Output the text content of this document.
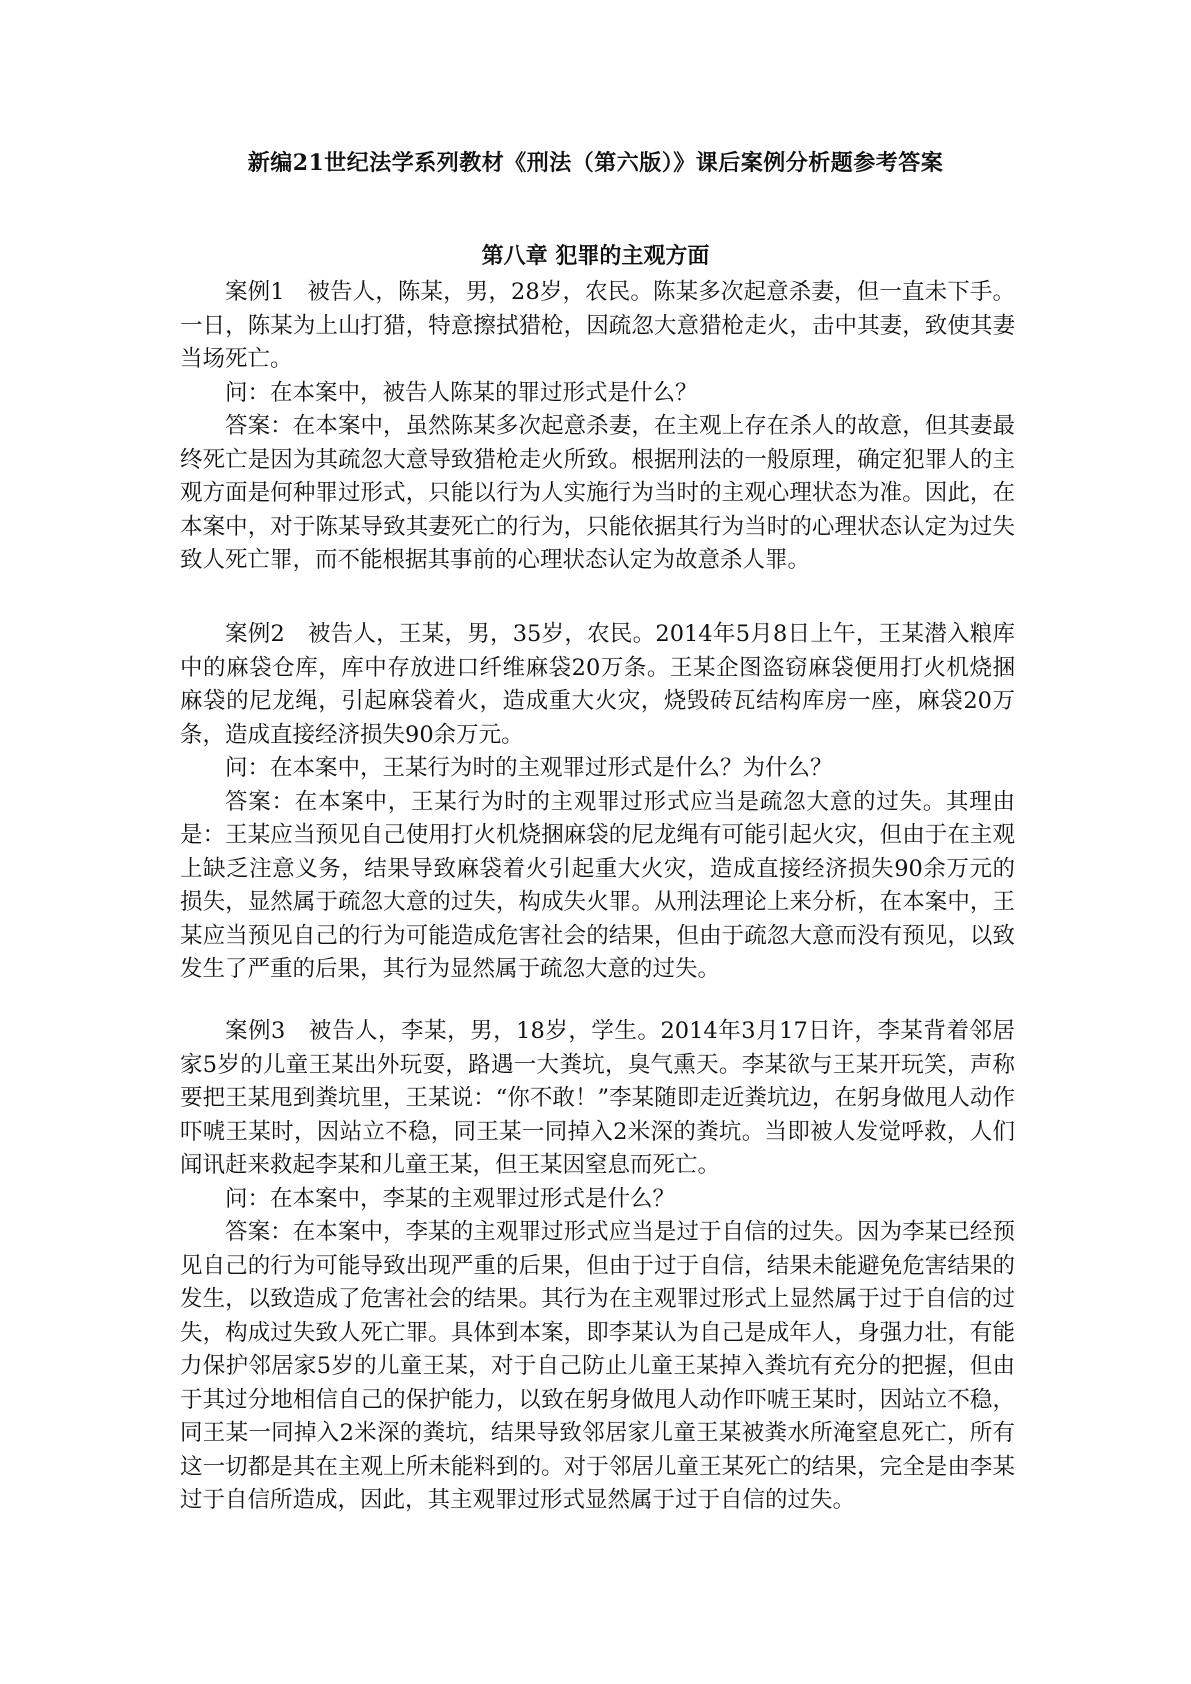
新编21世纪法学系列教材《刑法（第六版）》课后案例分析题参考答案
第八章 犯罪的主观方面

案例1　被告人，陈某，男，28岁，农民。陈某多次起意杀妻，但一直未下手。一日，陈某为上山打猎，特意擦拭猎枪，因疏忽大意猎枪走火，击中其妻，致使其妻当场死亡。

问：在本案中，被告人陈某的罪过形式是什么？

答案：在本案中，虽然陈某多次起意杀妻，在主观上存在杀人的故意，但其妻最终死亡是因为其疏忽大意导致猎枪走火所致。根据刑法的一般原理，确定犯罪人的主观方面是何种罪过形式，只能以行为人实施行为当时的主观心理状态为准。因此，在本案中，对于陈某导致其妻死亡的行为，只能依据其行为当时的心理状态认定为过失致人死亡罪，而不能根据其事前的心理状态认定为故意杀人罪。

案例2　被告人，王某，男，35岁，农民。2014年5月8日上午，王某潜入粮库中的麻袋仓库，库中存放进口纤维麻袋20万条。王某企图盗窃麻袋便用打火机烧捆麻袋的尼龙绳，引起麻袋着火，造成重大火灾，烧毁砖瓦结构库房一座，麻袋20万条，造成直接经济损失90余万元。

问：在本案中，王某行为时的主观罪过形式是什么？为什么？

答案：在本案中，王某行为时的主观罪过形式应当是疏忽大意的过失。其理由是：王某应当预见自己使用打火机烧捆麻袋的尼龙绳有可能引起火灾，但由于在主观上缺乏注意义务，结果导致麻袋着火引起重大火灾，造成直接经济损失90余万元的损失，显然属于疏忽大意的过失，构成失火罪。从刑法理论上来分析，在本案中，王某应当预见自己的行为可能造成危害社会的结果，但由于疏忽大意而没有预见，以致发生了严重的后果，其行为显然属于疏忽大意的过失。

案例3　被告人，李某，男，18岁，学生。2014年3月17日许，李某背着邻居家5岁的儿童王某出外玩耍，路遇一大粪坑，臭气熏天。李某欲与王某开玩笑，声称要把王某甩到粪坑里，王某说：“你不敢！”李某随即走近粪坑边，在躬身做甩人动作吓唬王某时，因站立不稳，同王某一同掉入2米深的粪坑。当即被人发觉呼救，人们闻讯赶来救起李某和儿童王某，但王某因窒息而死亡。

问：在本案中，李某的主观罪过形式是什么？

答案：在本案中，李某的主观罪过形式应当是过于自信的过失。因为李某已经预见自己的行为可能导致出现严重的后果，但由于过于自信，结果未能避免危害结果的发生，以致造成了危害社会的结果。其行为在主观罪过形式上显然属于过于自信的过失，构成过失致人死亡罪。具体到本案，即李某认为自己是成年人，身强力壮，有能力保护邻居家5岁的儿童王某，对于自己防止儿童王某掉入粪坑有充分的把握，但由于其过分地相信自己的保护能力，以致在躬身做甩人动作吓唬王某时，因站立不稳，同王某一同掉入2米深的粪坑，结果导致邻居家儿童王某被粪水所淹窒息死亡，所有这一切都是其在主观上所未能料到的。对于邻居儿童王某死亡的结果，完全是由李某过于自信所造成，因此，其主观罪过形式显然属于过于自信的过失。
